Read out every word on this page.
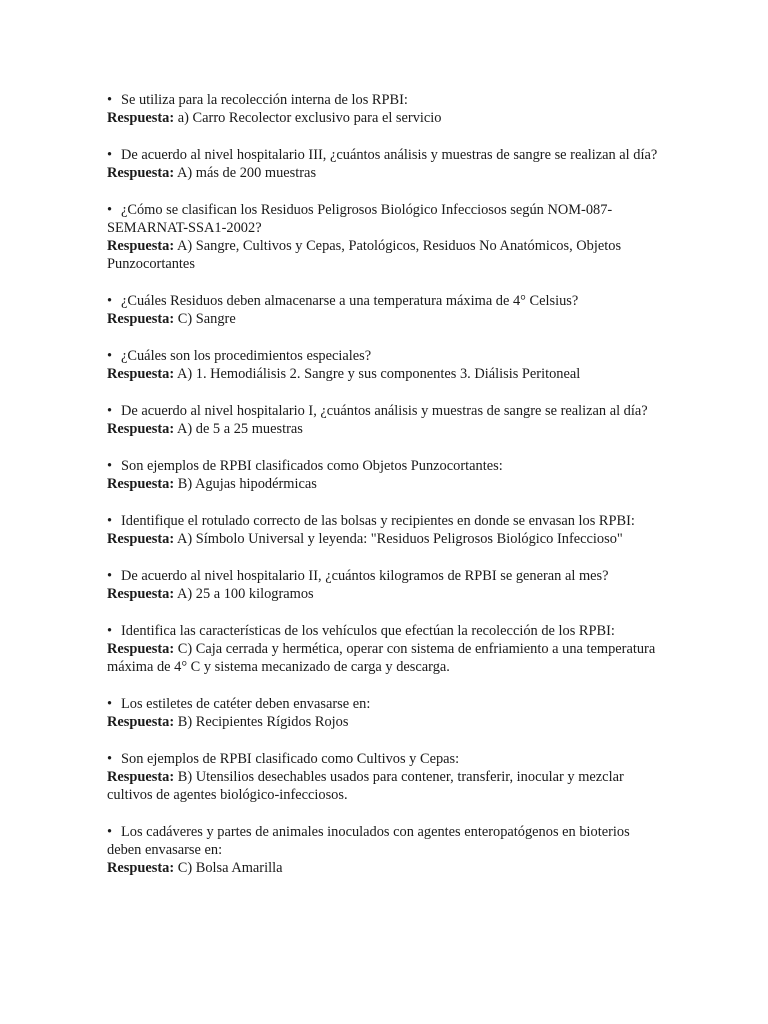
• Se utiliza para la recolección interna de los RPBI:

Respuesta: a) Carro Recolector exclusivo para el servicio

• De acuerdo al nivel hospitalario III, ¿cuántos análisis y muestras de sangre se realizan al día?

Respuesta: A) más de 200 muestras

• ¿Cómo se clasifican los Residuos Peligrosos Biológico Infecciosos según NOM-087-SEMARNAT-SSA1-2002?

Respuesta: A) Sangre, Cultivos y Cepas, Patológicos, Residuos No Anatómicos, Objetos Punzocortantes

• ¿Cuáles Residuos deben almacenarse a una temperatura máxima de 4° Celsius?

Respuesta: C) Sangre

• ¿Cuáles son los procedimientos especiales?

Respuesta: A) 1. Hemodiálisis 2. Sangre y sus componentes 3. Diálisis Peritoneal

• De acuerdo al nivel hospitalario I, ¿cuántos análisis y muestras de sangre se realizan al día?

Respuesta: A) de 5 a 25 muestras

• Son ejemplos de RPBI clasificados como Objetos Punzocortantes:

Respuesta: B) Agujas hipodérmicas

• Identifique el rotulado correcto de las bolsas y recipientes en donde se envasan los RPBI:

Respuesta: A) Símbolo Universal y leyenda: "Residuos Peligrosos Biológico Infeccioso"

• De acuerdo al nivel hospitalario II, ¿cuántos kilogramos de RPBI se generan al mes?

Respuesta: A) 25 a 100 kilogramos

• Identifica las características de los vehículos que efectúan la recolección de los RPBI:

Respuesta: C) Caja cerrada y hermética, operar con sistema de enfriamiento a una temperatura máxima de 4° C y sistema mecanizado de carga y descarga.

• Los estiletes de catéter deben envasarse en:

Respuesta: B) Recipientes Rígidos Rojos

• Son ejemplos de RPBI clasificado como Cultivos y Cepas:

Respuesta: B) Utensilios desechables usados para contener, transferir, inocular y mezclar cultivos de agentes biológico-infecciosos.

• Los cadáveres y partes de animales inoculados con agentes enteropatógenos en bioterios deben envasarse en:

Respuesta: C) Bolsa Amarilla
